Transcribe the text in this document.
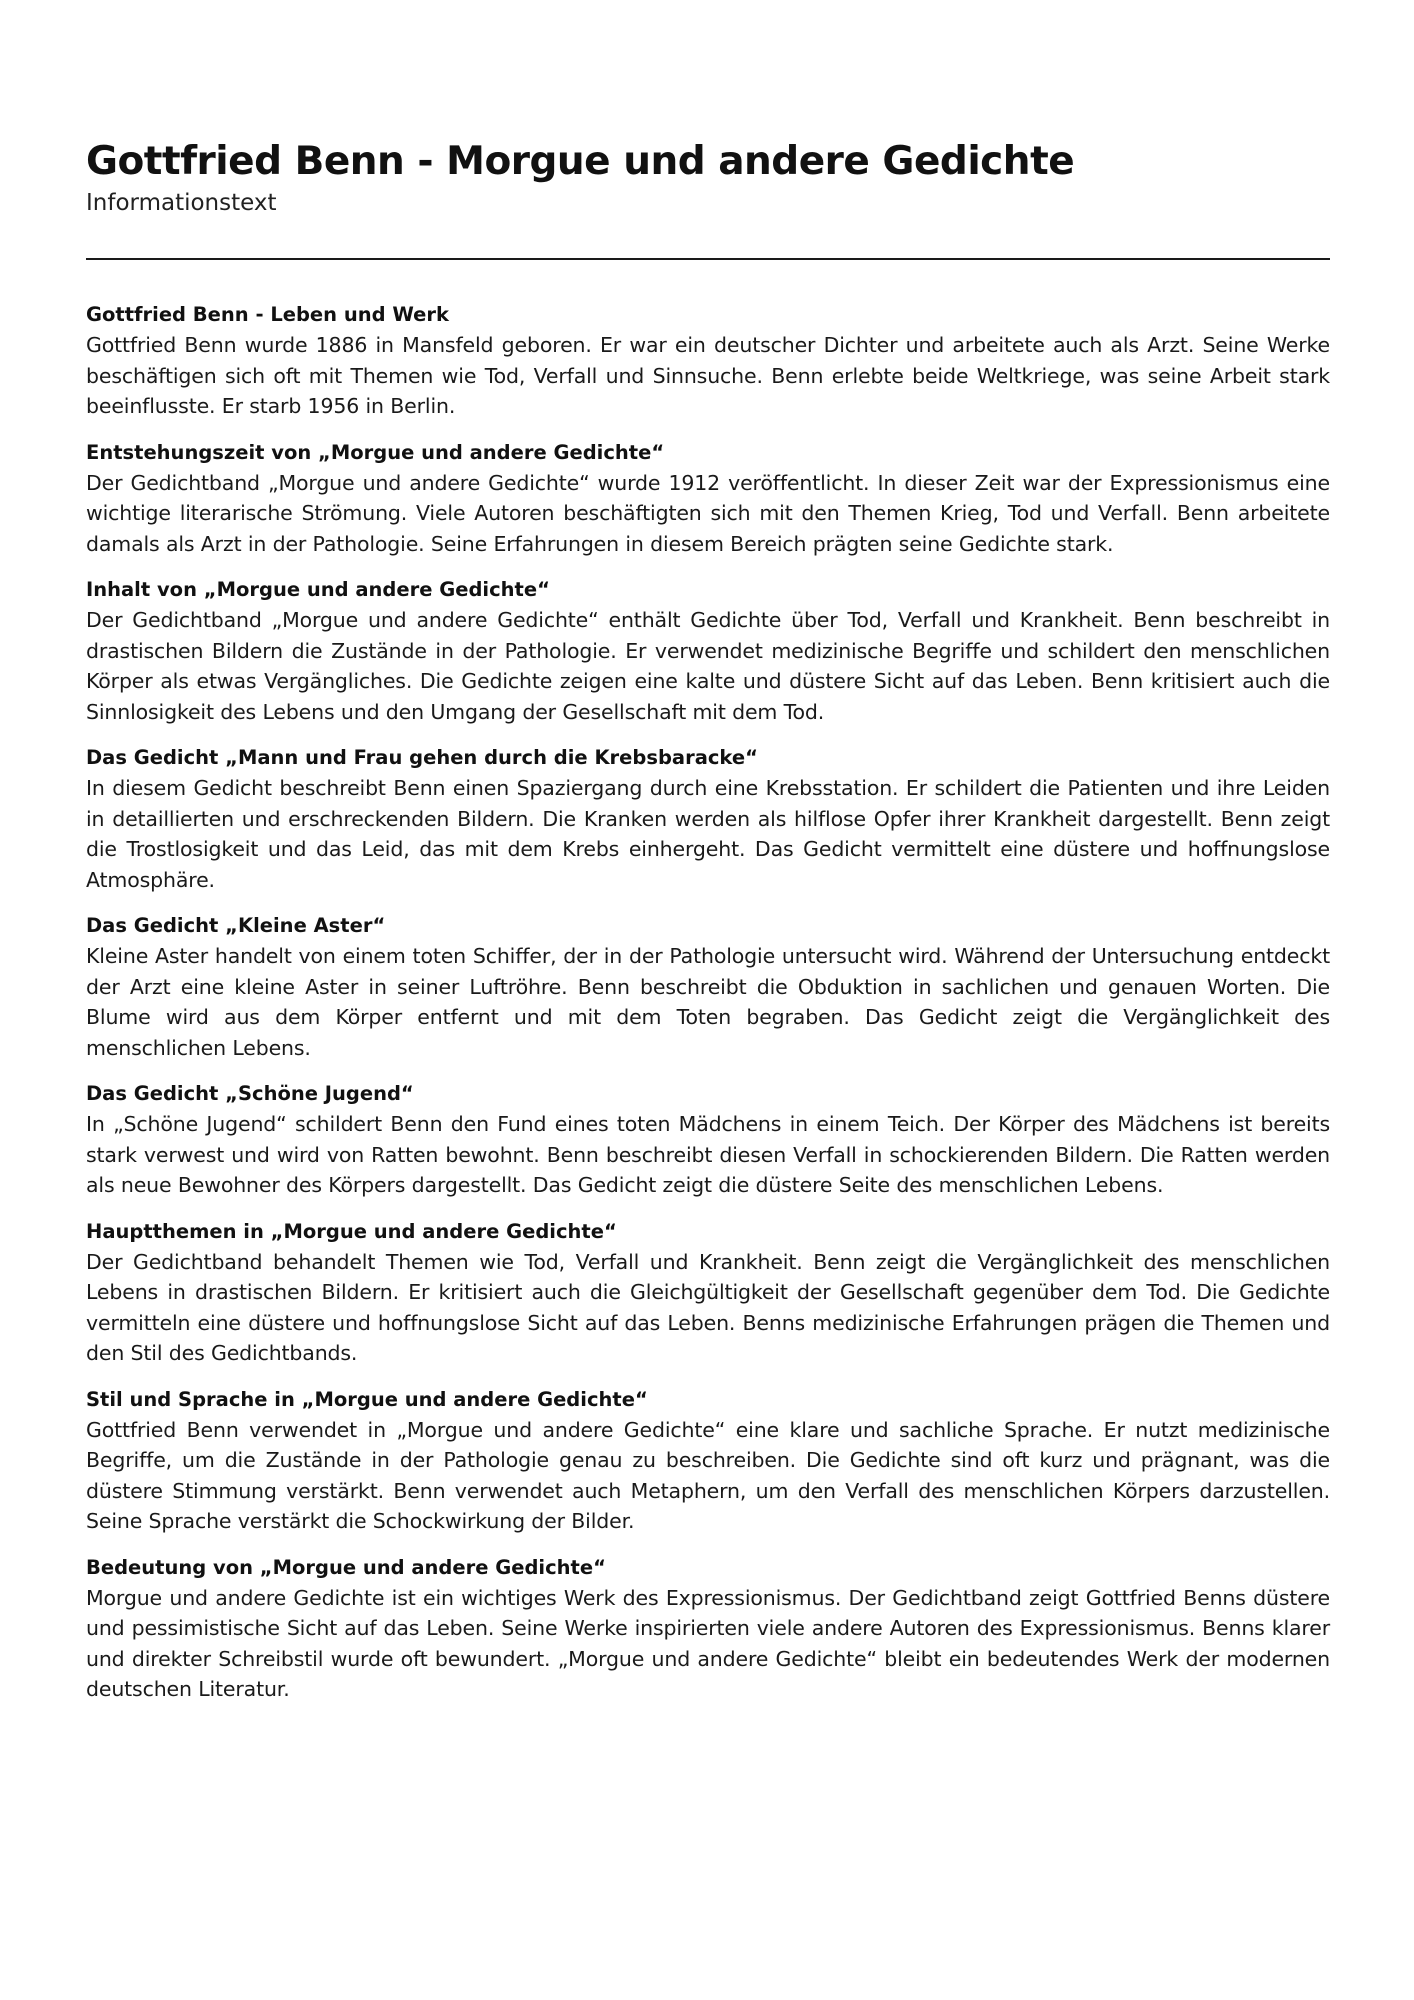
Gottfried Benn - Morgue und andere Gedichte
Informationstext
Gottfried Benn - Leben und Werk

Gottfried Benn wurde 1886 in Mansfeld geboren. Er war ein deutscher Dichter und arbeitete auch als Arzt. Seine Werke beschäftigen sich oft mit Themen wie Tod, Verfall und Sinnsuche. Benn erlebte beide Weltkriege, was seine Arbeit stark beeinflusste. Er starb 1956 in Berlin.

Entstehungszeit von „Morgue und andere Gedichte“

Der Gedichtband „Morgue und andere Gedichte“ wurde 1912 veröffentlicht. In dieser Zeit war der Expressionismus eine wichtige literarische Strömung. Viele Autoren beschäftigten sich mit den Themen Krieg, Tod und Verfall. Benn arbeitete damals als Arzt in der Pathologie. Seine Erfahrungen in diesem Bereich prägten seine Gedichte stark.

Inhalt von „Morgue und andere Gedichte“

Der Gedichtband „Morgue und andere Gedichte“ enthält Gedichte über Tod, Verfall und Krankheit. Benn beschreibt in drastischen Bildern die Zustände in der Pathologie. Er verwendet medizinische Begriffe und schildert den menschlichen Körper als etwas Vergängliches. Die Gedichte zeigen eine kalte und düstere Sicht auf das Leben. Benn kritisiert auch die Sinnlosigkeit des Lebens und den Umgang der Gesellschaft mit dem Tod.

Das Gedicht „Mann und Frau gehen durch die Krebsbaracke“

In diesem Gedicht beschreibt Benn einen Spaziergang durch eine Krebsstation. Er schildert die Patienten und ihre Leiden in detaillierten und erschreckenden Bildern. Die Kranken werden als hilflose Opfer ihrer Krankheit dargestellt. Benn zeigt die Trostlosigkeit und das Leid, das mit dem Krebs einhergeht. Das Gedicht vermittelt eine düstere und hoffnungslose Atmosphäre.

Das Gedicht „Kleine Aster“

Kleine Aster handelt von einem toten Schiffer, der in der Pathologie untersucht wird. Während der Untersuchung entdeckt der Arzt eine kleine Aster in seiner Luftröhre. Benn beschreibt die Obduktion in sachlichen und genauen Worten. Die Blume wird aus dem Körper entfernt und mit dem Toten begraben. Das Gedicht zeigt die Vergänglichkeit des menschlichen Lebens.

Das Gedicht „Schöne Jugend“

In „Schöne Jugend“ schildert Benn den Fund eines toten Mädchens in einem Teich. Der Körper des Mädchens ist bereits stark verwest und wird von Ratten bewohnt. Benn beschreibt diesen Verfall in schockierenden Bildern. Die Ratten werden als neue Bewohner des Körpers dargestellt. Das Gedicht zeigt die düstere Seite des menschlichen Lebens.

Hauptthemen in „Morgue und andere Gedichte“

Der Gedichtband behandelt Themen wie Tod, Verfall und Krankheit. Benn zeigt die Vergänglichkeit des menschlichen Lebens in drastischen Bildern. Er kritisiert auch die Gleichgültigkeit der Gesellschaft gegenüber dem Tod. Die Gedichte vermitteln eine düstere und hoffnungslose Sicht auf das Leben. Benns medizinische Erfahrungen prägen die Themen und den Stil des Gedichtbands.

Stil und Sprache in „Morgue und andere Gedichte“

Gottfried Benn verwendet in „Morgue und andere Gedichte“ eine klare und sachliche Sprache. Er nutzt medizinische Begriffe, um die Zustände in der Pathologie genau zu beschreiben. Die Gedichte sind oft kurz und prägnant, was die düstere Stimmung verstärkt. Benn verwendet auch Metaphern, um den Verfall des menschlichen Körpers darzustellen. Seine Sprache verstärkt die Schockwirkung der Bilder.

Bedeutung von „Morgue und andere Gedichte“

Morgue und andere Gedichte ist ein wichtiges Werk des Expressionismus. Der Gedichtband zeigt Gottfried Benns düstere und pessimistische Sicht auf das Leben. Seine Werke inspirierten viele andere Autoren des Expressionismus. Benns klarer und direkter Schreibstil wurde oft bewundert. „Morgue und andere Gedichte“ bleibt ein bedeutendes Werk der modernen deutschen Literatur.
